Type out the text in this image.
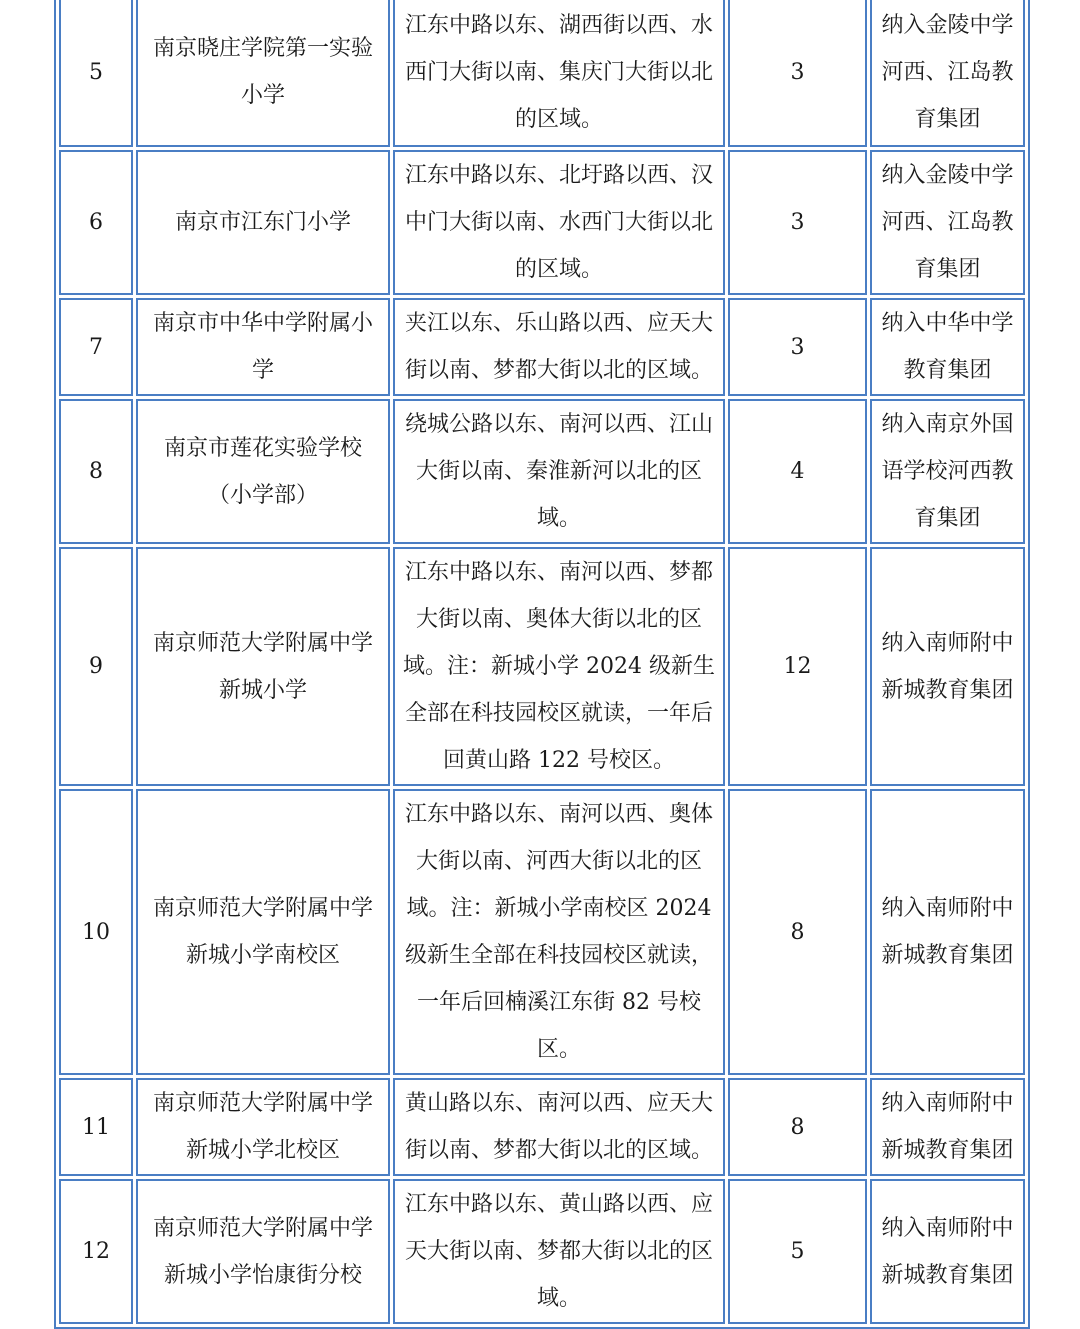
5	南京晓庄学院第一实验小学	江东中路以东、湖西街以西、水西门大街以南、集庆门大街以北的区域。	3	纳入金陵中学河西、江岛教育集团
6	南京市江东门小学	江东中路以东、北圩路以西、汉中门大街以南、水西门大街以北的区域。	3	纳入金陵中学河西、江岛教育集团
7	南京市中华中学附属小学	夹江以东、乐山路以西、应天大街以南、梦都大街以北的区域。	3	纳入中华中学教育集团
8	南京市莲花实验学校（小学部）	绕城公路以东、南河以西、江山大街以南、秦淮新河以北的区域。	4	纳入南京外国语学校河西教育集团
9	南京师范大学附属中学新城小学	江东中路以东、南河以西、梦都大街以南、奥体大街以北的区域。注：新城小学 2024 级新生全部在科技园校区就读，一年后回黄山路 122 号校区。	12	纳入南师附中新城教育集团
10	南京师范大学附属中学新城小学南校区	江东中路以东、南河以西、奥体大街以南、河西大街以北的区域。注：新城小学南校区 2024 级新生全部在科技园校区就读，一年后回楠溪江东街 82 号校区。	8	纳入南师附中新城教育集团
11	南京师范大学附属中学新城小学北校区	黄山路以东、南河以西、应天大街以南、梦都大街以北的区域。	8	纳入南师附中新城教育集团
12	南京师范大学附属中学新城小学怡康街分校	江东中路以东、黄山路以西、应天大街以南、梦都大街以北的区域。	5	纳入南师附中新城教育集团
